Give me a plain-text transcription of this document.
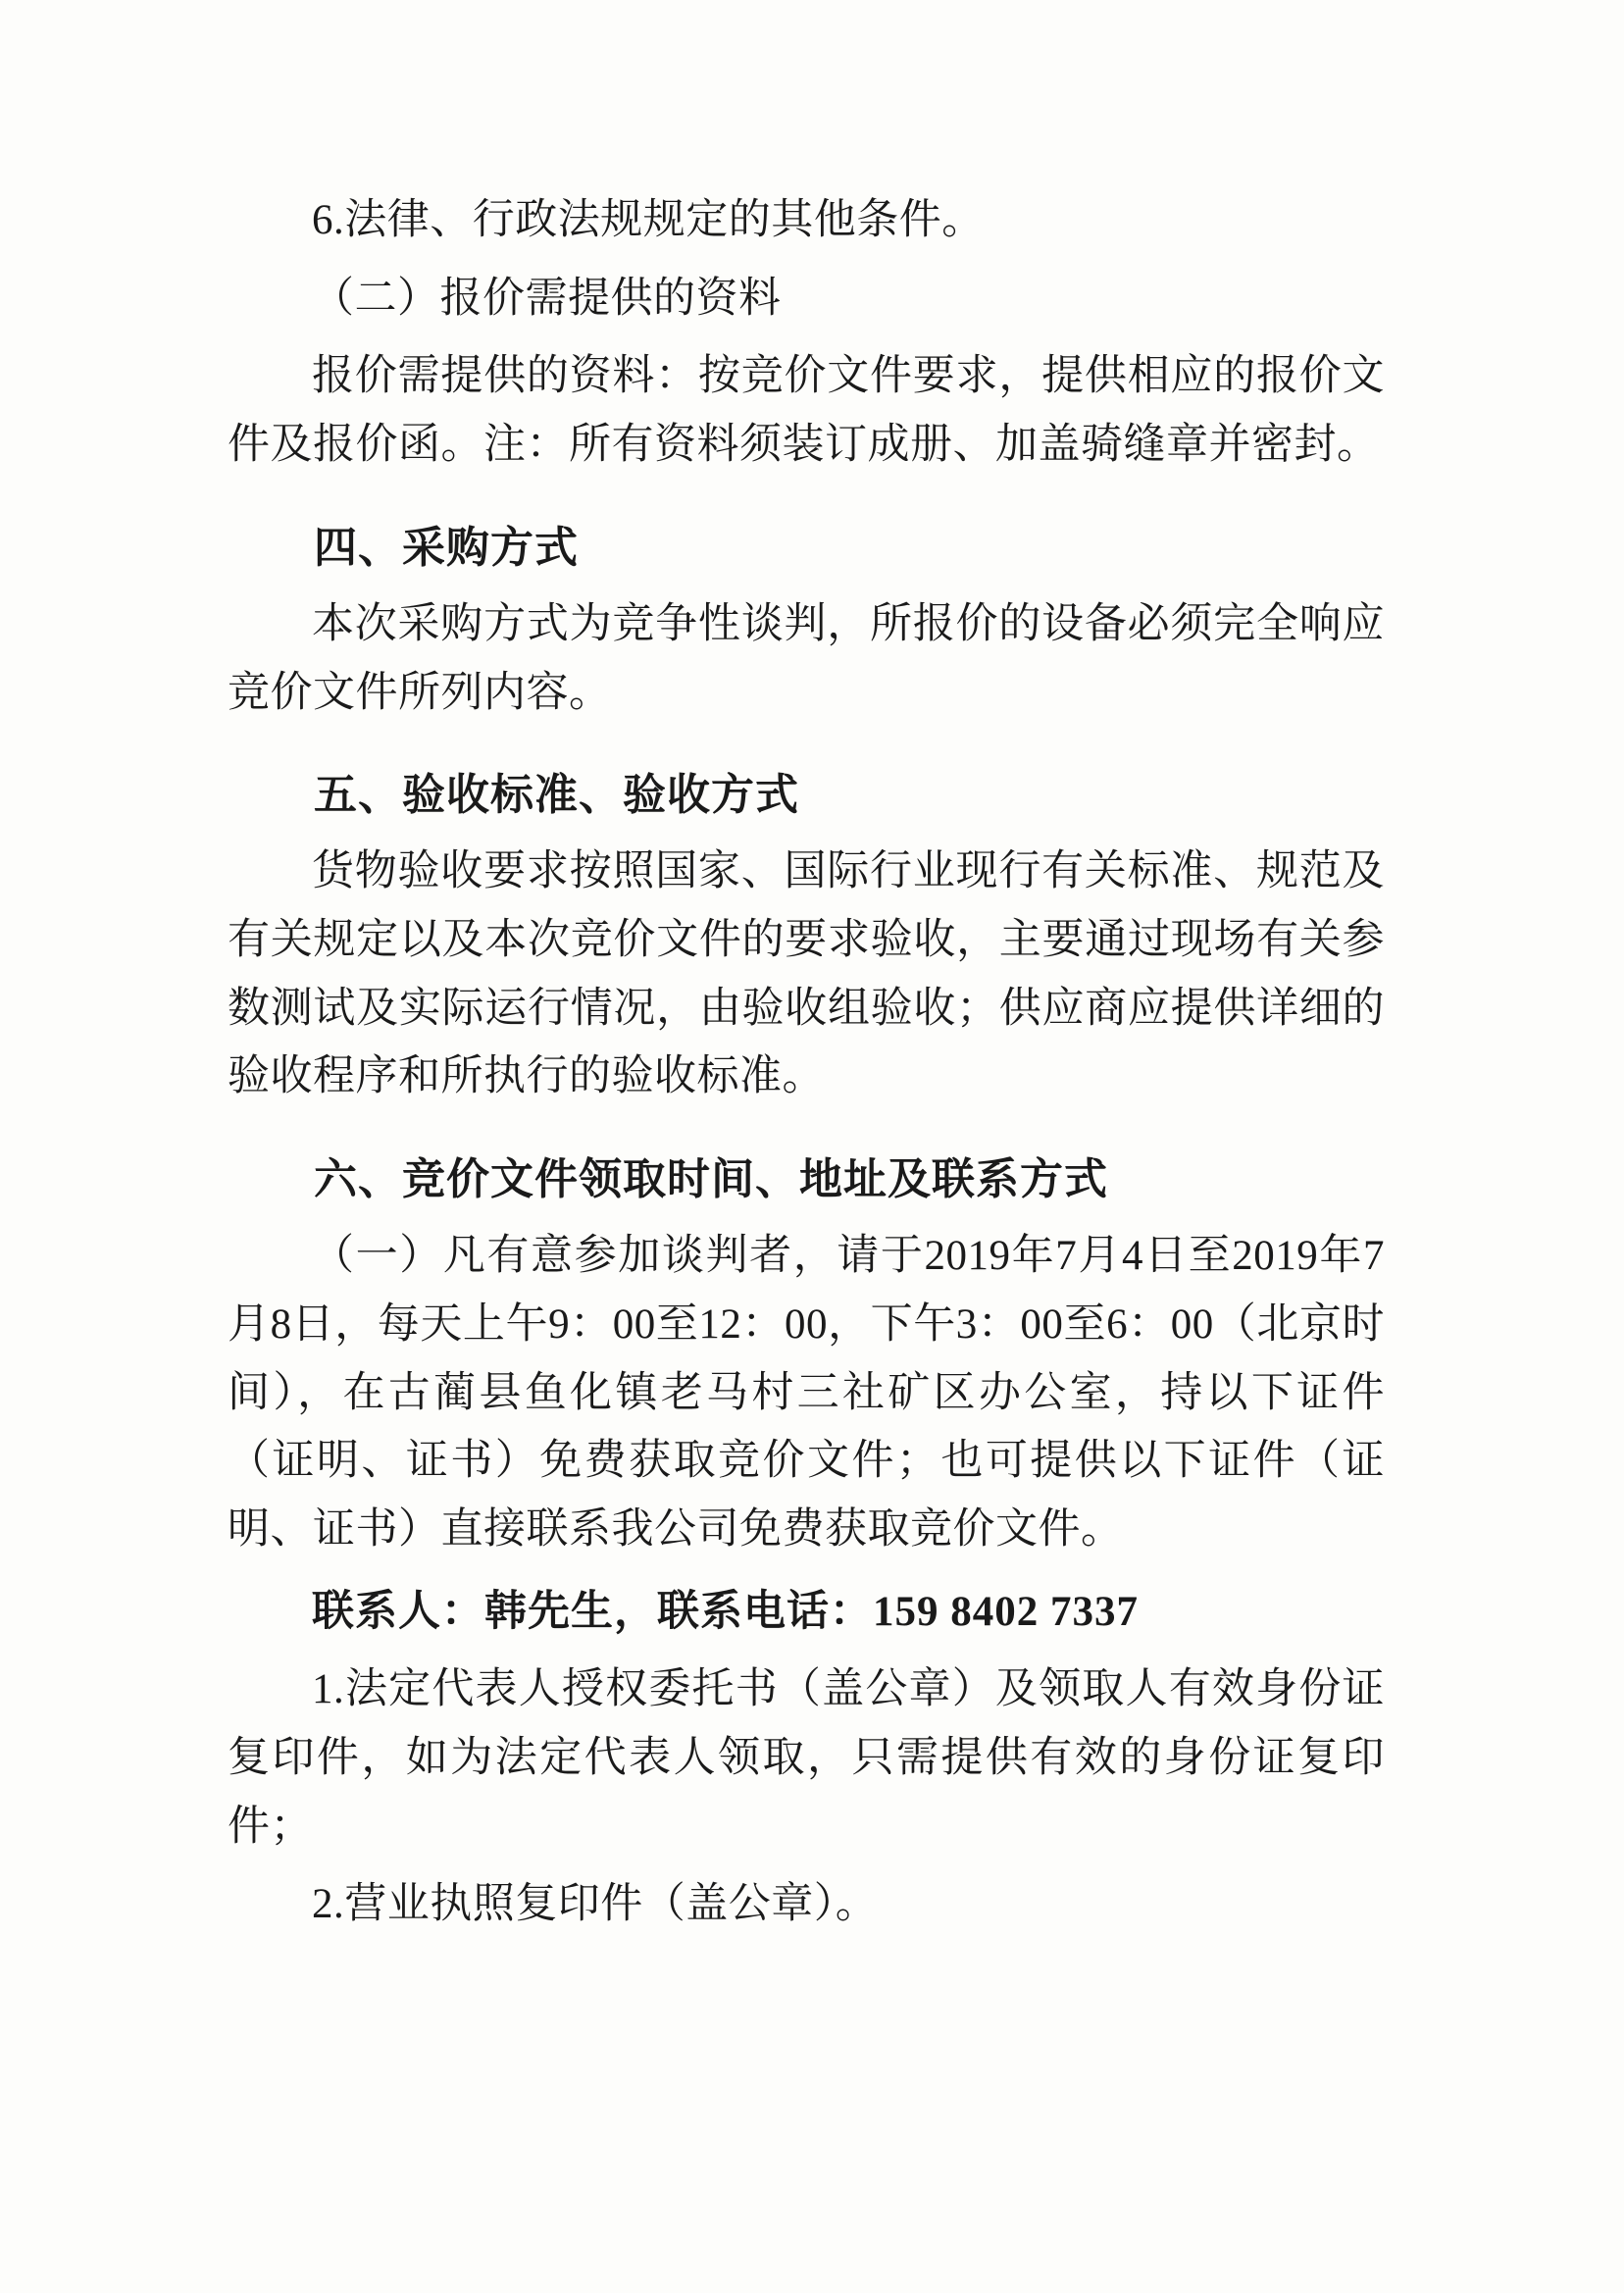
6.法律、行政法规规定的其他条件。

（二）报价需提供的资料

报价需提供的资料：按竞价文件要求，提供相应的报价文件及报价函。注：所有资料须装订成册、加盖骑缝章并密封。

四、采购方式

本次采购方式为竞争性谈判，所报价的设备必须完全响应竞价文件所列内容。

五、验收标准、验收方式

货物验收要求按照国家、国际行业现行有关标准、规范及有关规定以及本次竞价文件的要求验收，主要通过现场有关参数测试及实际运行情况，由验收组验收；供应商应提供详细的验收程序和所执行的验收标准。

六、竞价文件领取时间、地址及联系方式

（一）凡有意参加谈判者，请于2019年7月4日至2019年7月8日，每天上午9：00至12：00，下午3：00至6：00（北京时间），在古蔺县鱼化镇老马村三社矿区办公室，持以下证件（证明、证书）免费获取竞价文件；也可提供以下证件（证明、证书）直接联系我公司免费获取竞价文件。

联系人：韩先生，联系电话：159 8402 7337

1.法定代表人授权委托书（盖公章）及领取人有效身份证复印件，如为法定代表人领取，只需提供有效的身份证复印件；

2.营业执照复印件（盖公章）。
